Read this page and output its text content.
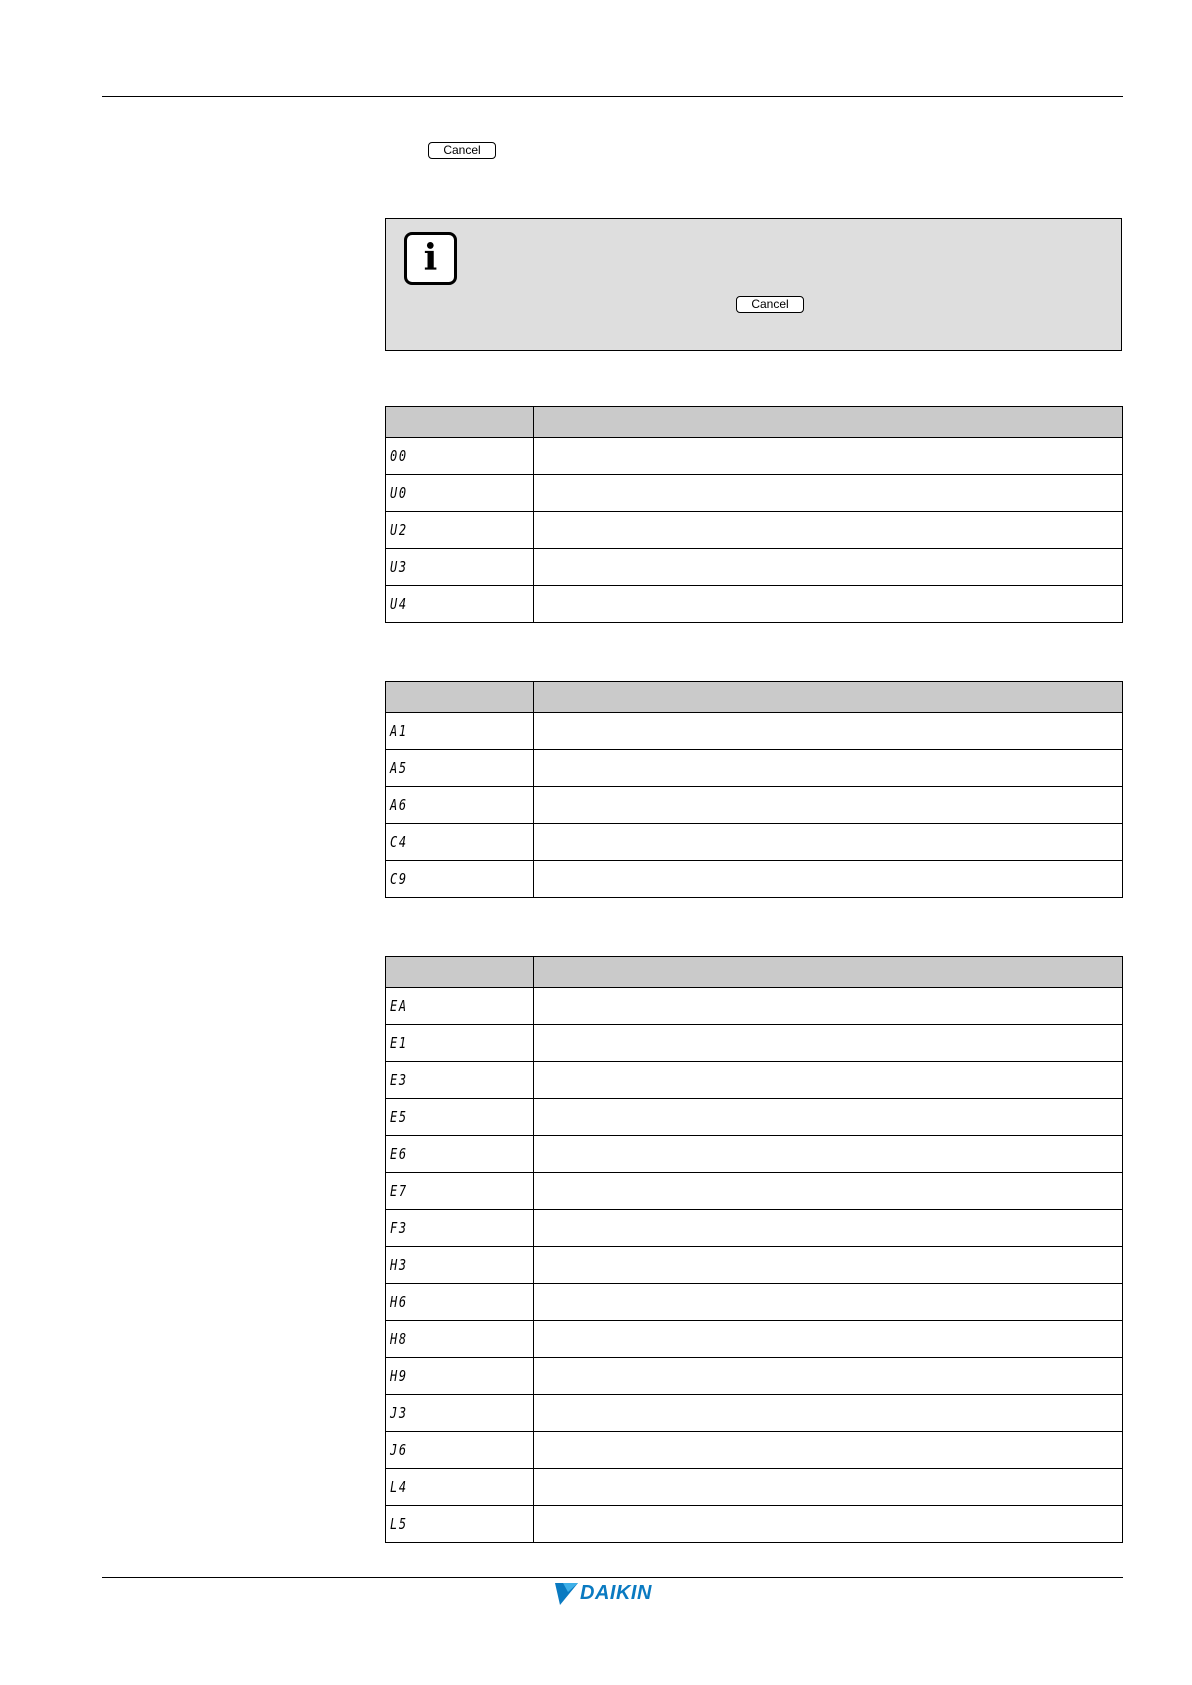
Cancel
i
Cancel

00	
U0	
U2	
U3	
U4	

A1	
A5	
A6	
C4	
C9	

EA	
E1	
E3	
E5	
E6	
E7	
F3	
H3	
H6	
H8	
H9	
J3	
J6	
L4	
L5	
DAIKIN
